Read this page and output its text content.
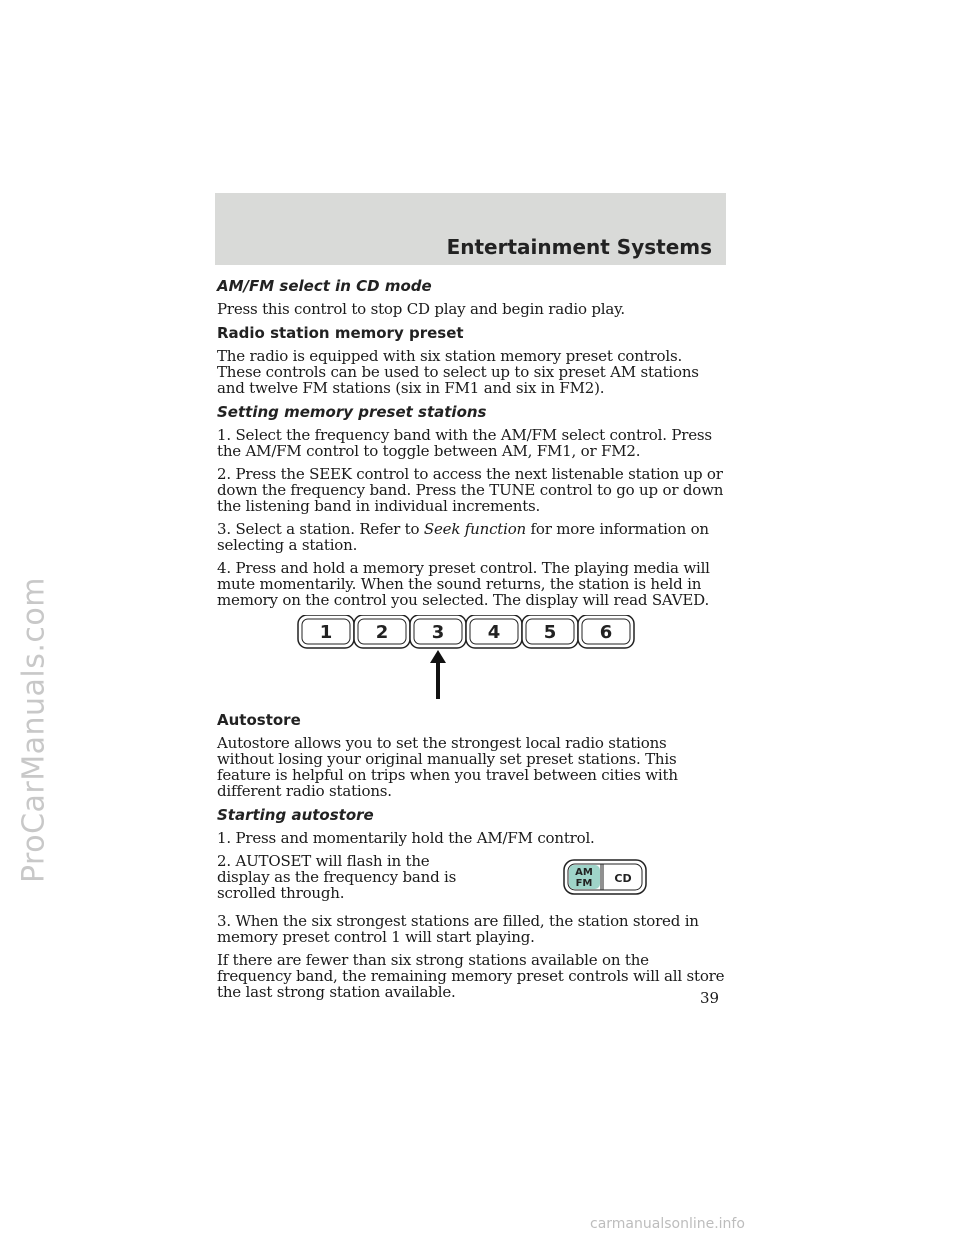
ProCarManuals.com
Entertainment Systems
AM/FM select in CD mode

Press this control to stop CD play and begin radio play.

Radio station memory preset

The radio is equipped with six station memory preset controls. These controls can be used to select up to six preset AM stations and twelve FM stations (six in FM1 and six in FM2).

Setting memory preset stations

1. Select the frequency band with the AM/FM select control. Press the AM/FM control to toggle between AM, FM1, or FM2.

2. Press the SEEK control to access the next listenable station up or down the frequency band. Press the TUNE control to go up or down the listening band in individual increments.

3. Select a station. Refer to Seek function for more information on selecting a station.

4. Press and hold a memory preset control. The playing media will mute momentarily. When the sound returns, the station is held in memory on the control you selected. The display will read SAVED.

1 2 3 4 5 6
Autostore

Autostore allows you to set the strongest local radio stations without losing your original manually set preset stations. This feature is helpful on trips when you travel between cities with different radio stations.

Starting autostore

1. Press and momentarily hold the AM/FM control.

2. AUTOSET will flash in the display as the frequency band is scrolled through.

AM
FM CD

3. When the six strongest stations are filled, the station stored in memory preset control 1 will start playing.

If there are fewer than six strong stations available on the frequency band, the remaining memory preset controls will all store the last strong station available.	39
carmanualsonline.info
